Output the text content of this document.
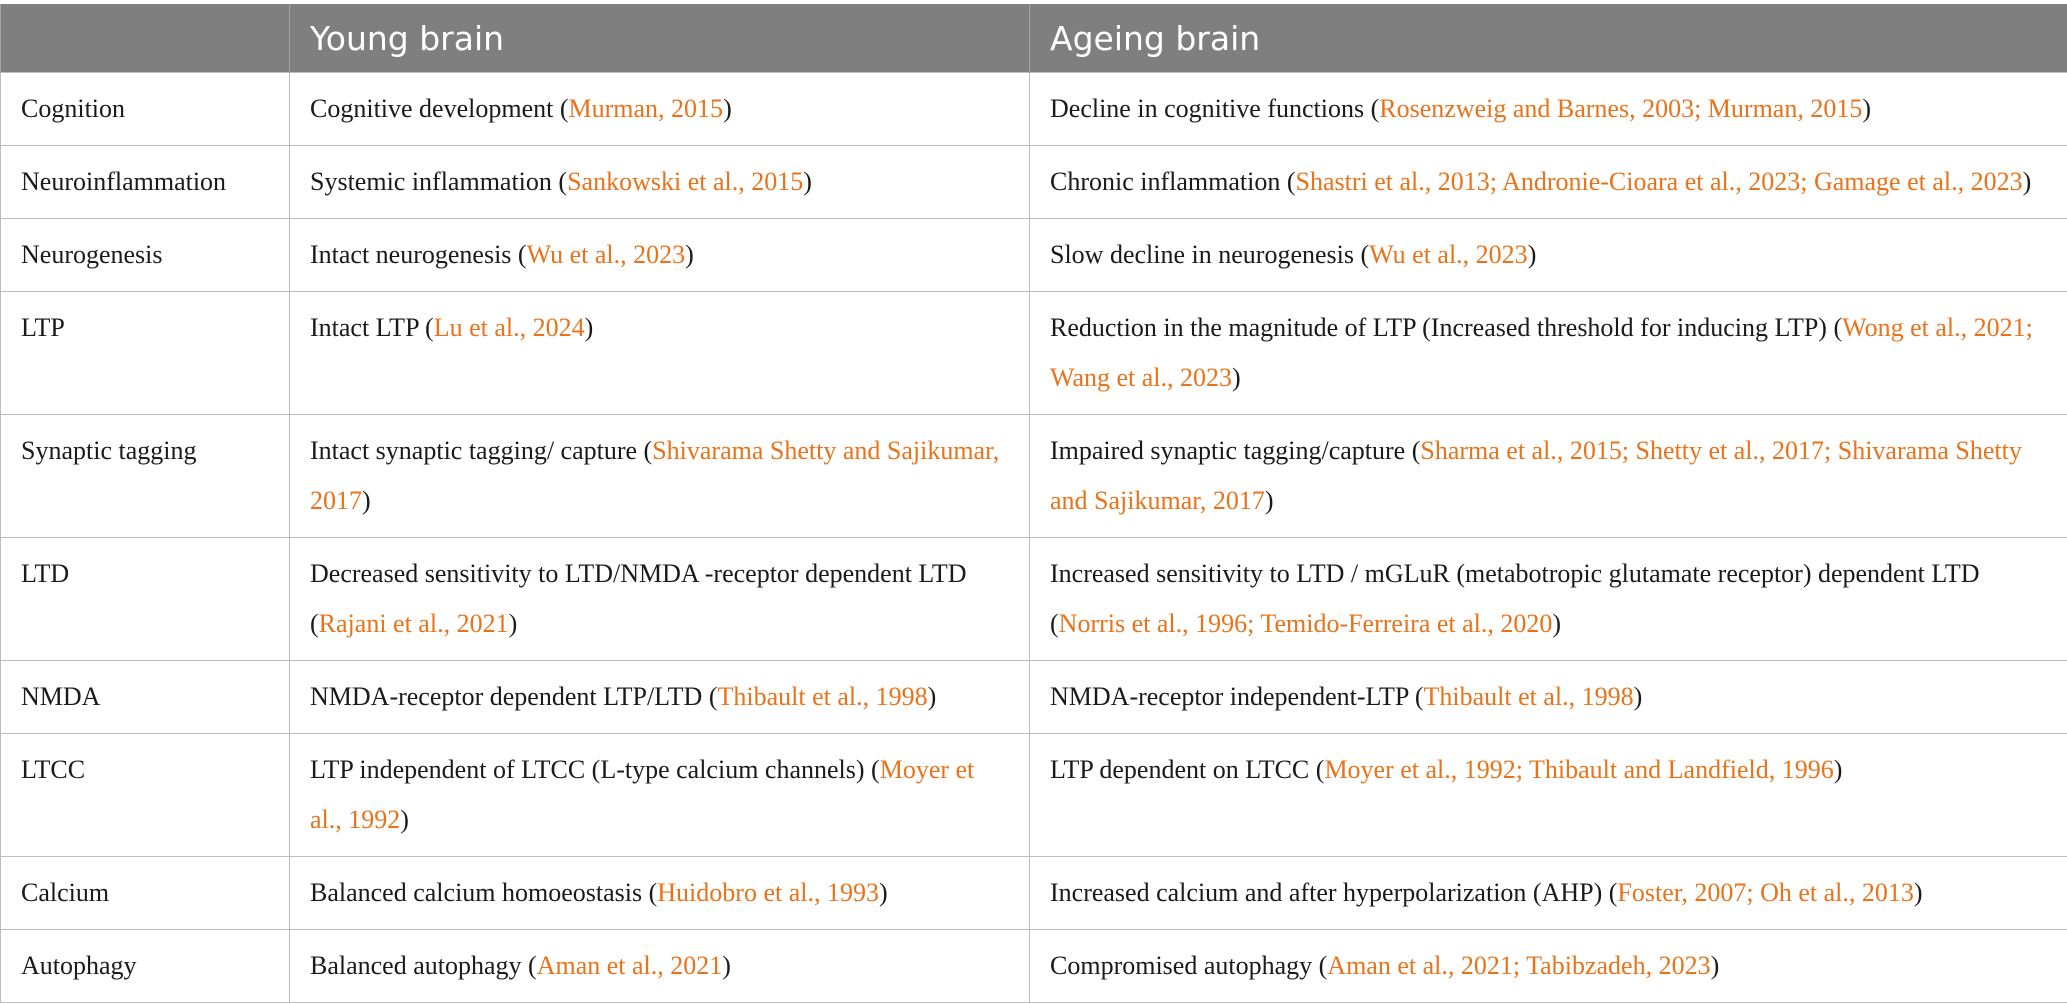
	Young brain	Ageing brain
Cognition	Cognitive development (Murman, 2015)	Decline in cognitive functions (Rosenzweig and Barnes, 2003; Murman, 2015)
Neuroinflammation	Systemic inflammation (Sankowski et al., 2015)	Chronic inflammation (Shastri et al., 2013; Andronie-Cioara et al., 2023; Gamage et al., 2023)
Neurogenesis	Intact neurogenesis (Wu et al., 2023)	Slow decline in neurogenesis (Wu et al., 2023)
LTP	Intact LTP (Lu et al., 2024)	Reduction in the magnitude of LTP (Increased threshold for inducing LTP) (Wong et al., 2021; Wang et al., 2023)
Synaptic tagging	Intact synaptic tagging/ capture (Shivarama Shetty and Sajikumar, 2017)	Impaired synaptic tagging/capture (Sharma et al., 2015; Shetty et al., 2017; Shivarama Shetty and Sajikumar, 2017)
LTD	Decreased sensitivity to LTD/NMDA -receptor dependent LTD (Rajani et al., 2021)	Increased sensitivity to LTD / mGLuR (metabotropic glutamate receptor) dependent LTD (Norris et al., 1996; Temido-Ferreira et al., 2020)
NMDA	NMDA-receptor dependent LTP/LTD (Thibault et al., 1998)	NMDA-receptor independent-LTP (Thibault et al., 1998)
LTCC	LTP independent of LTCC (L-type calcium channels) (Moyer et al., 1992)	LTP dependent on LTCC (Moyer et al., 1992; Thibault and Landfield, 1996)
Calcium	Balanced calcium homoeostasis (Huidobro et al., 1993)	Increased calcium and after hyperpolarization (AHP) (Foster, 2007; Oh et al., 2013)
Autophagy	Balanced autophagy (Aman et al., 2021)	Compromised autophagy (Aman et al., 2021; Tabibzadeh, 2023)
